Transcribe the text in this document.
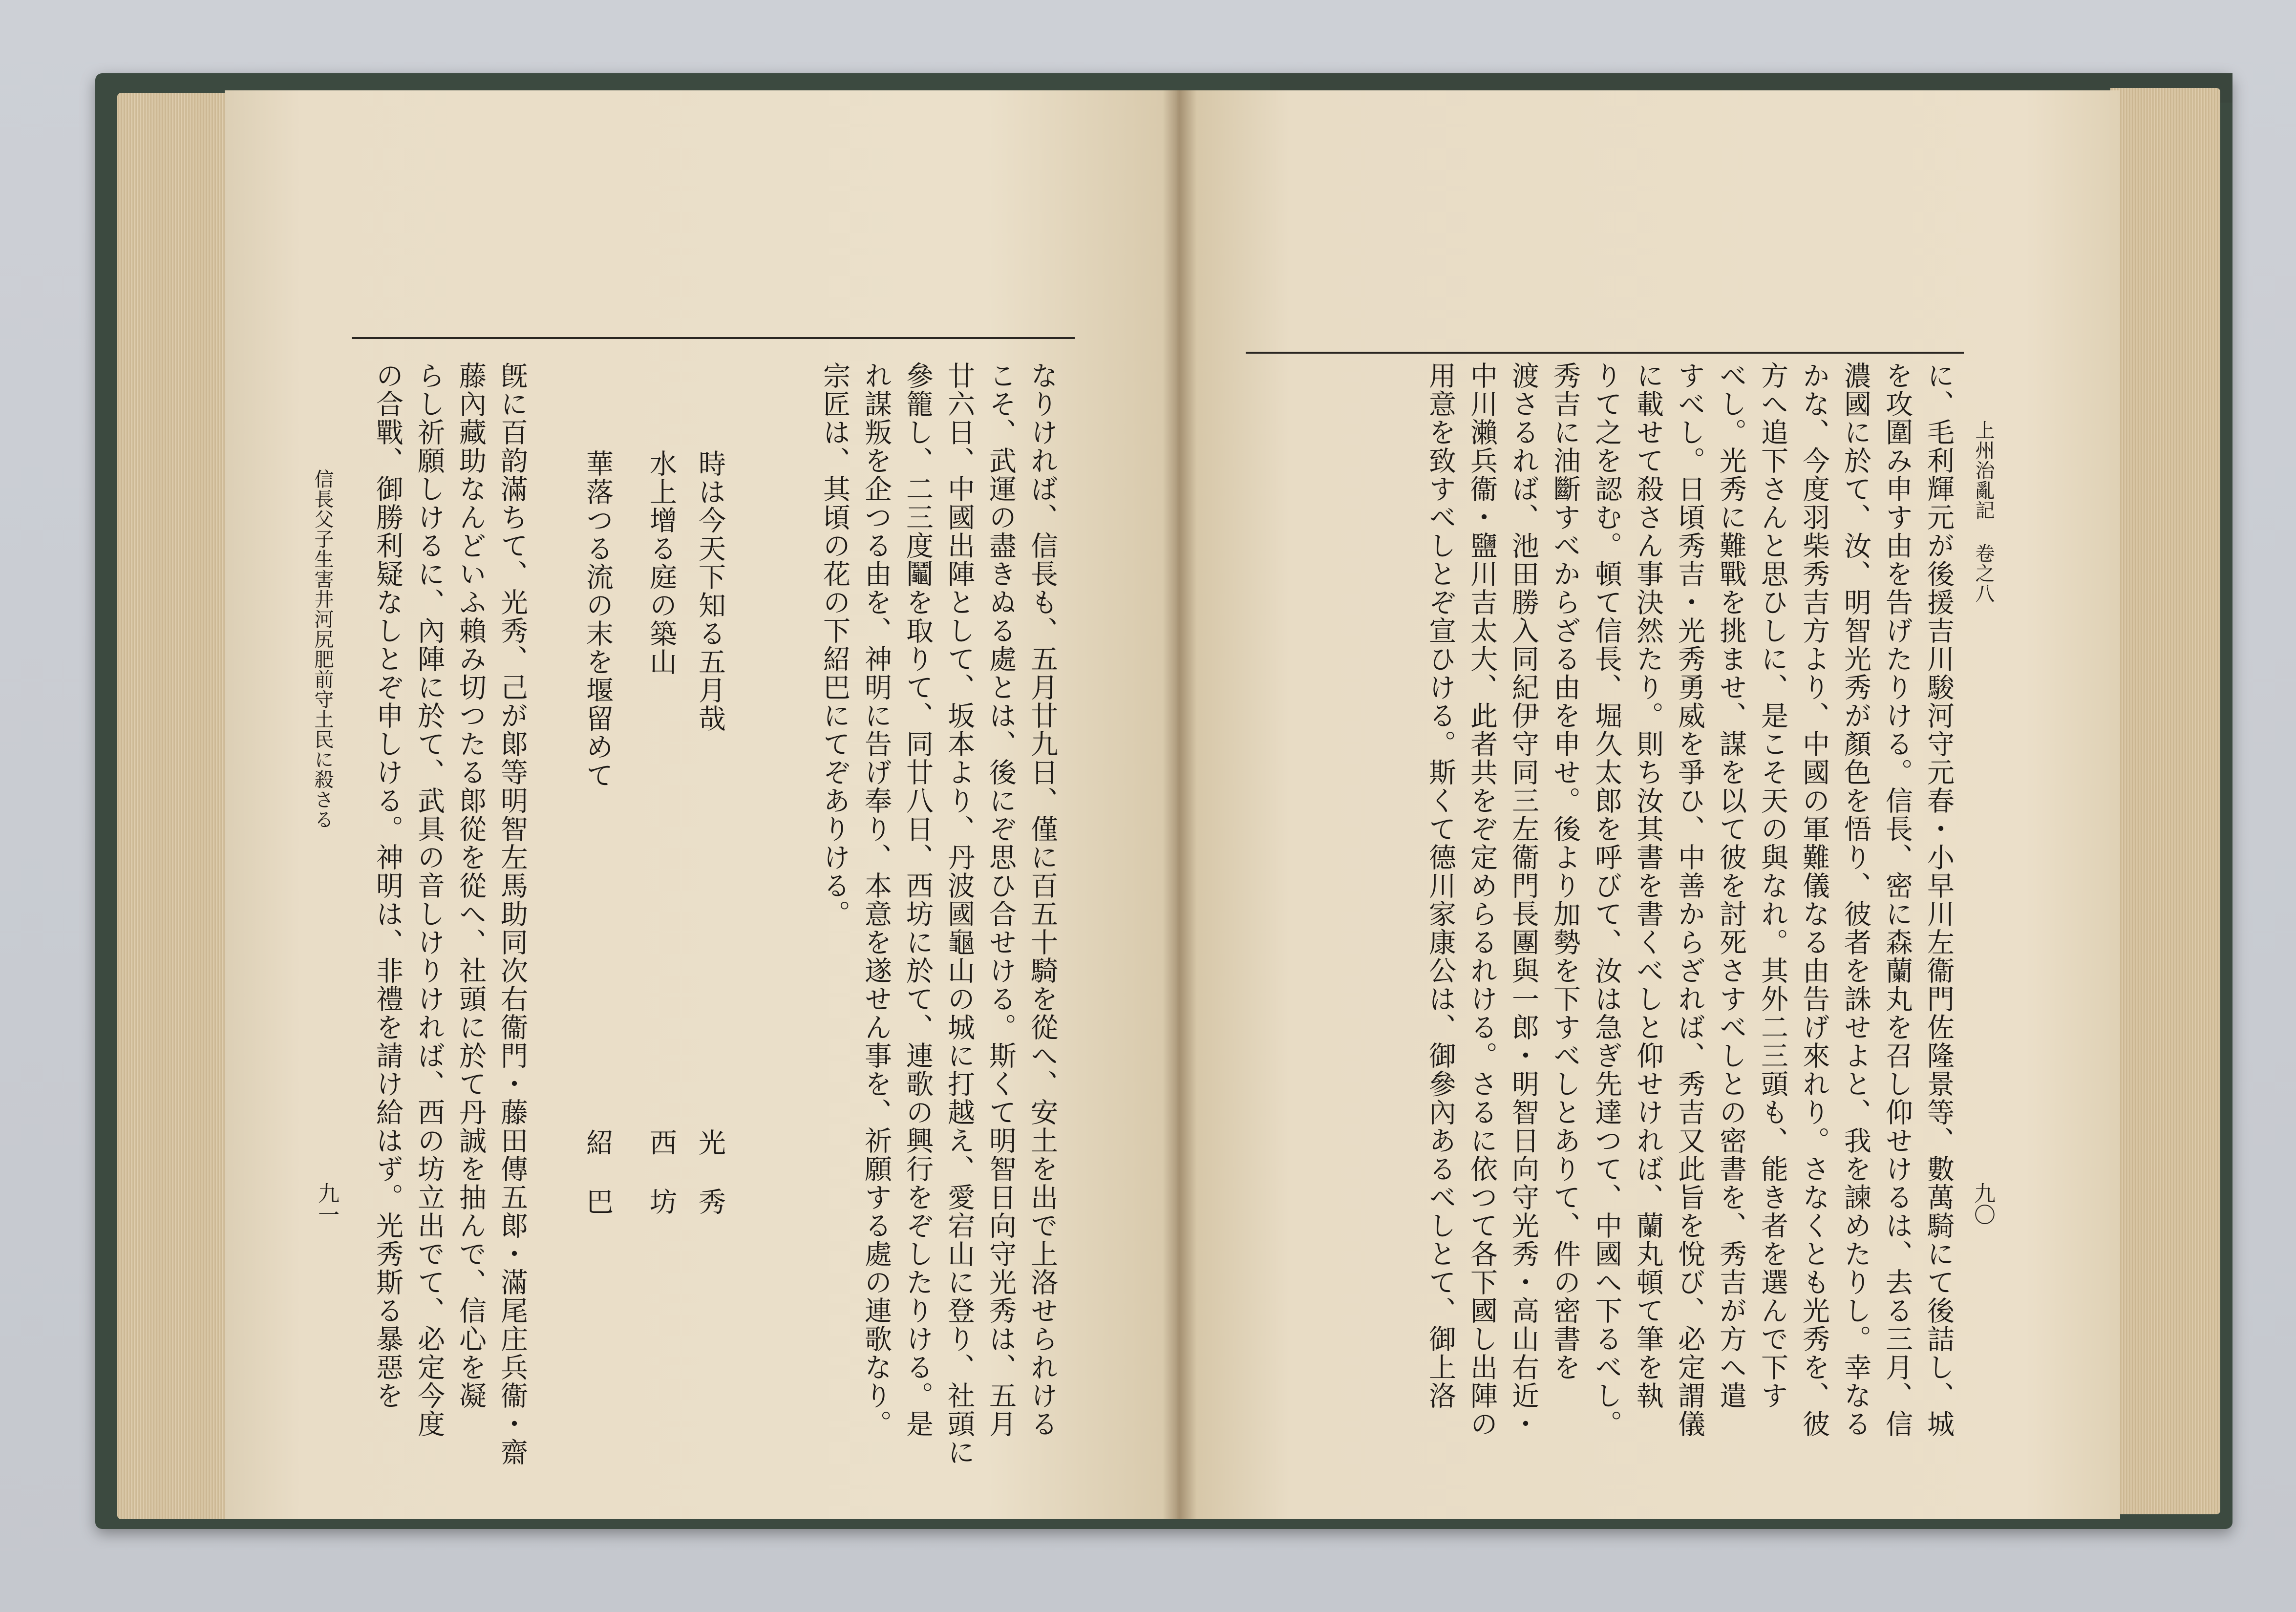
上州治亂記 卷之八
九〇
に、毛利輝元が後援吉川駿河守元春・小早川左衞門佐隆景等、數萬騎にて後詰し、城
を攻圍み申す由を告げたりける。信長、密に森蘭丸を召し仰せけるは、去る三月、信
濃國に於て、汝、明智光秀が顏色を悟り、彼者を誅せよと、我を諫めたりし。幸なる
かな、今度羽柴秀吉方より、中國の軍難儀なる由告げ來れり。さなくとも光秀を、彼
方へ追下さんと思ひしに、是こそ天の與なれ。其外二三頭も、能き者を選んで下す
べし。光秀に難戰を挑ませ、謀を以て彼を討死さすべしとの密書を、秀吉が方へ遣
すべし。日頃秀吉・光秀勇威を爭ひ、中善からざれば、秀吉又此旨を悅び、必定謂儀
に載せて殺さん事決然たり。則ち汝其書を書くべしと仰せければ、蘭丸頓て筆を執
りて之を認む。頓て信長、堀久太郎を呼びて、汝は急ぎ先達つて、中國へ下るべし。
秀吉に油斷すべからざる由を申せ。後より加勢を下すべしとありて、件の密書を
渡さるれば、池田勝入同紀伊守同三左衞門長團與一郎・明智日向守光秀・高山右近・
中川瀨兵衞・鹽川吉太大、此者共をぞ定めらるれける。さるに依つて各下國し出陣の
用意を致すべしとぞ宣ひける。斯くて德川家康公は、御參內あるべしとて、御上洛
なりければ、信長も、五月廿九日、僅に百五十騎を從へ、安土を出で上洛せられける
こそ、武運の盡きぬる處とは、後にぞ思ひ合せける。斯くて明智日向守光秀は、五月
廿六日、中國出陣として、坂本より、丹波國龜山の城に打越え、愛宕山に登り、社頭に
參籠し、二三度鬮を取りて、同廿八日、西坊に於て、連歌の興行をぞしたりける。是
れ謀叛を企つる由を、神明に告げ奉り、本意を遂せん事を、祈願する處の連歌なり。
宗匠は、其頃の花の下紹巴にてぞありける。
時は今天下知る五月哉
光 秀
水上增る庭の築山
西 坊
華落つる流の末を堰留めて
紹 巴
旣に百韵滿ちて、光秀、己が郞等明智左馬助同次右衞門・藤田傳五郞・滿尾庄兵衞・齋
藤內藏助なんどいふ賴み切つたる郞從を從へ、社頭に於て丹誠を抽んで、信心を凝
らし祈願しけるに、內陣に於て、武具の音しけりければ、西の坊立出でて、必定今度
の合戰、御勝利疑なしとぞ申しける。神明は、非禮を請け給はず。光秀斯る暴惡を
信長父子生害井河尻肥前守土民に殺さる
九一
